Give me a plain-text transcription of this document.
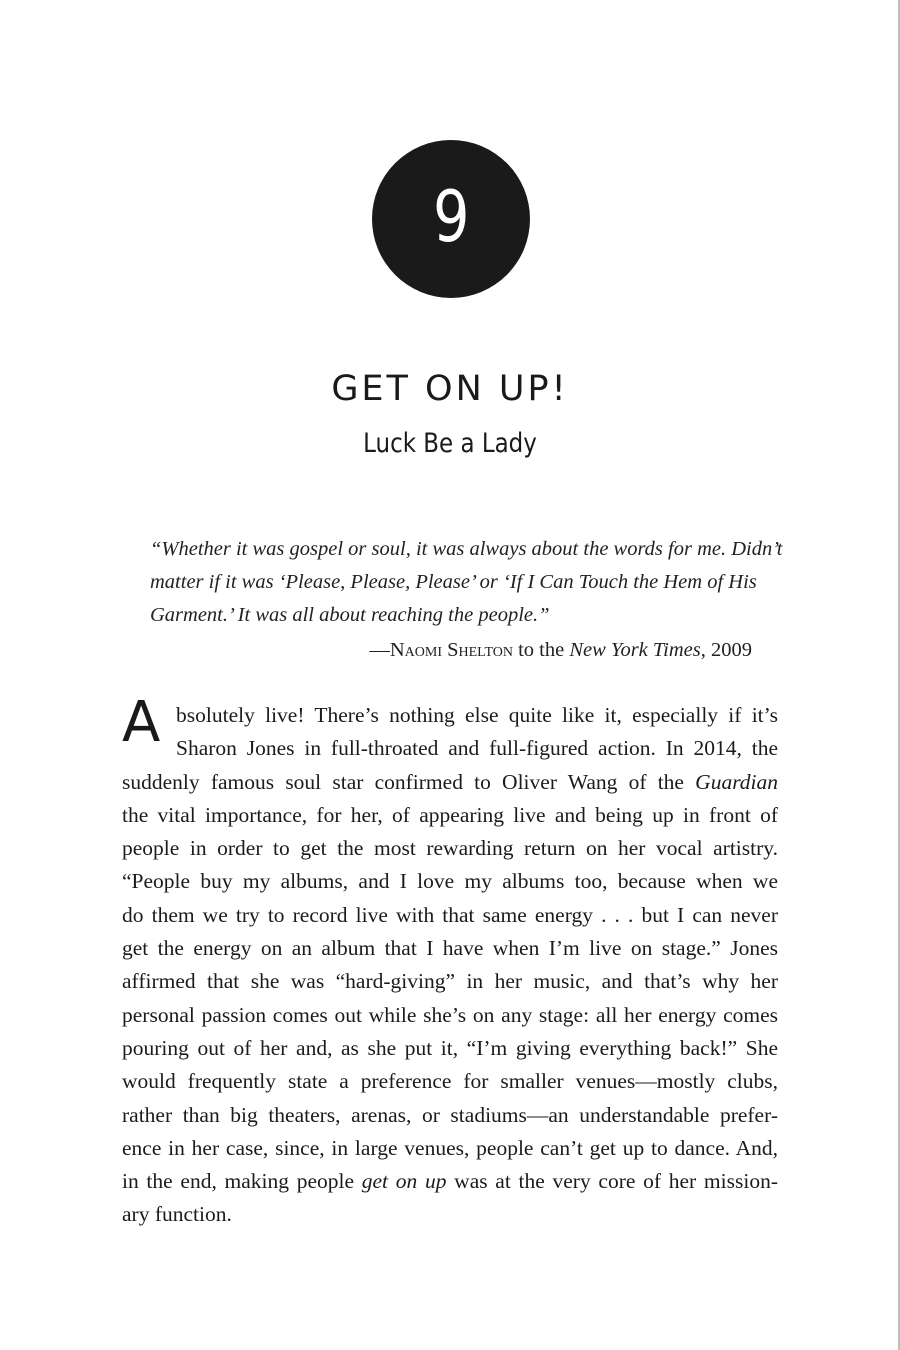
9
GET ON UP!
Luck Be a Lady
“Whether it was gospel or soul, it was always about the words for me. Didn’t
matter if it was ‘Please, Please, Please’ or ‘If I Can Touch the Hem of His
Garment.’ It was all about reaching the people.”
—Naomi Shelton to the New York Times, 2009
A bsolutely live! There’s nothing else quite like it, especially if it’s
Sharon Jones in full-throated and full-figured action. In 2014, the
suddenly famous soul star confirmed to Oliver Wang of the Guardian
the vital importance, for her, of appearing live and being up in front of
people in order to get the most rewarding return on her vocal artistry.
“People buy my albums, and I love my albums too, because when we
do them we try to record live with that same energy . . . but I can never
get the energy on an album that I have when I’m live on stage.” Jones
affirmed that she was “hard-giving” in her music, and that’s why her
personal passion comes out while she’s on any stage: all her energy comes
pouring out of her and, as she put it, “I’m giving everything back!” She
would frequently state a preference for smaller venues—mostly clubs,
rather than big theaters, arenas, or stadiums—an understandable prefer-
ence in her case, since, in large venues, people can’t get up to dance. And,
in the end, making people get on up was at the very core of her mission-
ary function.
